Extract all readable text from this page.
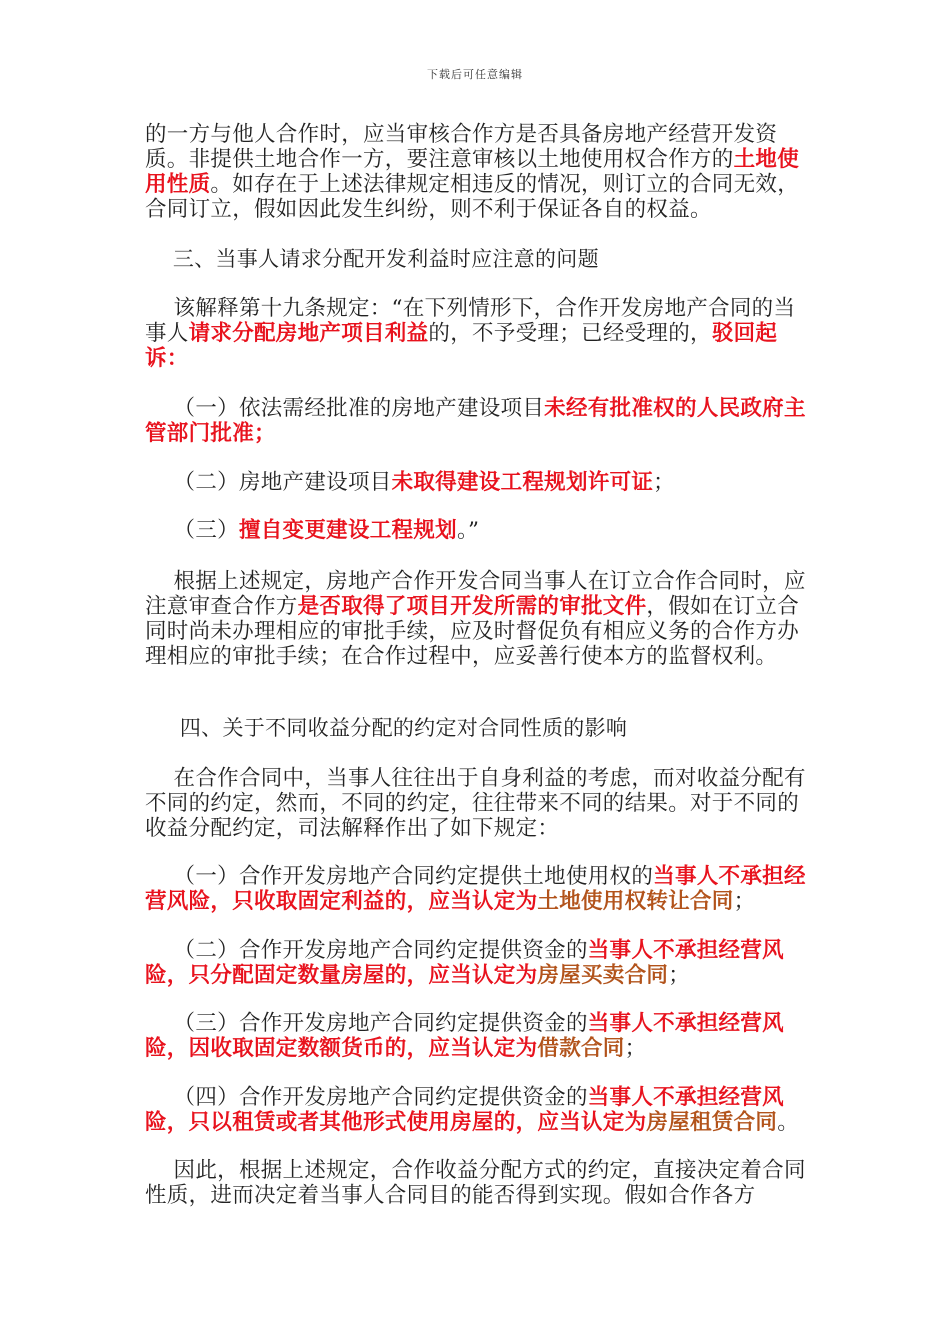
下载后可任意编辑

的一方与他人合作时，应当审核合作方是否具备房地产经营开发资质。非提供土地合作一方，要注意审核以土地使用权合作方的土地使用性质。如存在于上述法律规定相违反的情况，则订立的合同无效，合同订立，假如因此发生纠纷，则不利于保证各自的权益。

三、当事人请求分配开发利益时应注意的问题

该解释第十九条规定：“在下列情形下，合作开发房地产合同的当事人请求分配房地产项目利益的，不予受理；已经受理的，驳回起诉：

（一）依法需经批准的房地产建设项目未经有批准权的人民政府主管部门批准；

（二）房地产建设项目未取得建设工程规划许可证；

（三）擅自变更建设工程规划。”

根据上述规定，房地产合作开发合同当事人在订立合作合同时，应注意审查合作方是否取得了项目开发所需的审批文件，假如在订立合同时尚未办理相应的审批手续，应及时督促负有相应义务的合作方办理相应的审批手续；在合作过程中，应妥善行使本方的监督权利。

四、关于不同收益分配的约定对合同性质的影响

在合作合同中，当事人往往出于自身利益的考虑，而对收益分配有不同的约定，然而，不同的约定，往往带来不同的结果。对于不同的收益分配约定，司法解释作出了如下规定：

（一）合作开发房地产合同约定提供土地使用权的当事人不承担经营风险，只收取固定利益的，应当认定为土地使用权转让合同；

（二）合作开发房地产合同约定提供资金的当事人不承担经营风险，只分配固定数量房屋的，应当认定为房屋买卖合同；

（三）合作开发房地产合同约定提供资金的当事人不承担经营风险，因收取固定数额货币的，应当认定为借款合同；

（四）合作开发房地产合同约定提供资金的当事人不承担经营风险，只以租赁或者其他形式使用房屋的，应当认定为房屋租赁合同。

因此，根据上述规定，合作收益分配方式的约定，直接决定着合同性质，进而决定着当事人合同目的能否得到实现。假如合作各方
